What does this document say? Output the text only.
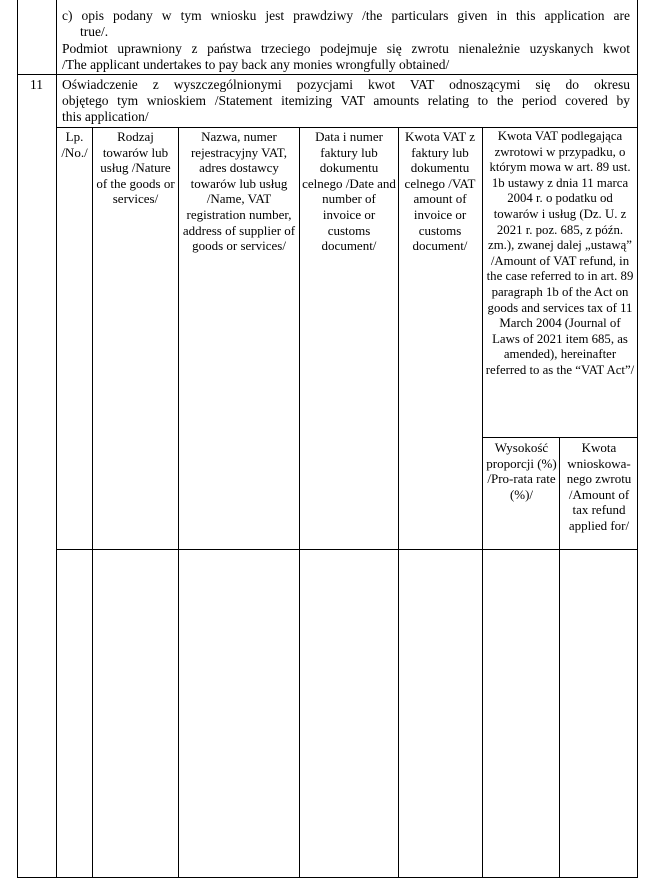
c) opis podany w tym wniosku jest prawdziwy /the particulars given in this application are
true/.
Podmiot uprawniony z państwa trzeciego podejmuje się zwrotu nienależnie uzyskanych kwot
/The applicant undertakes to pay back any monies wrongfully obtained/
11 Oświadczenie z wyszczególnionymi pozycjami kwot VAT odnoszącymi się do okresu
objętego tym wnioskiem /Statement itemizing VAT amounts relating to the period covered by
this application/
Lp. /No./
Rodzaj towarów lub usług /Nature of the goods or services/
Nazwa, numer rejestracyjny VAT, adres dostawcy towarów lub usług /Name, VAT registration number, address of supplier of goods or services/
Data i numer faktury lub dokumentu celnego /Date and number of invoice or customs document/
Kwota VAT z faktury lub dokumentu celnego /VAT amount of invoice or customs document/
Kwota VAT podlegająca zwrotowi w przypadku, o którym mowa w art. 89 ust. 1b ustawy z dnia 11 marca 2004 r. o podatku od towarów i usług (Dz. U. z 2021 r. poz. 685, z późn. zm.), zwanej dalej „ustawą” /Amount of VAT refund, in the case referred to in art. 89 paragraph 1b of the Act on goods and services tax of 11 March 2004 (Journal of Laws of 2021 item 685, as amended), hereinafter referred to as the “VAT Act”/
Wysokość proporcji (%) /Pro-rata rate (%)/
Kwota wnioskowa-nego zwrotu /Amount of tax refund applied for/
